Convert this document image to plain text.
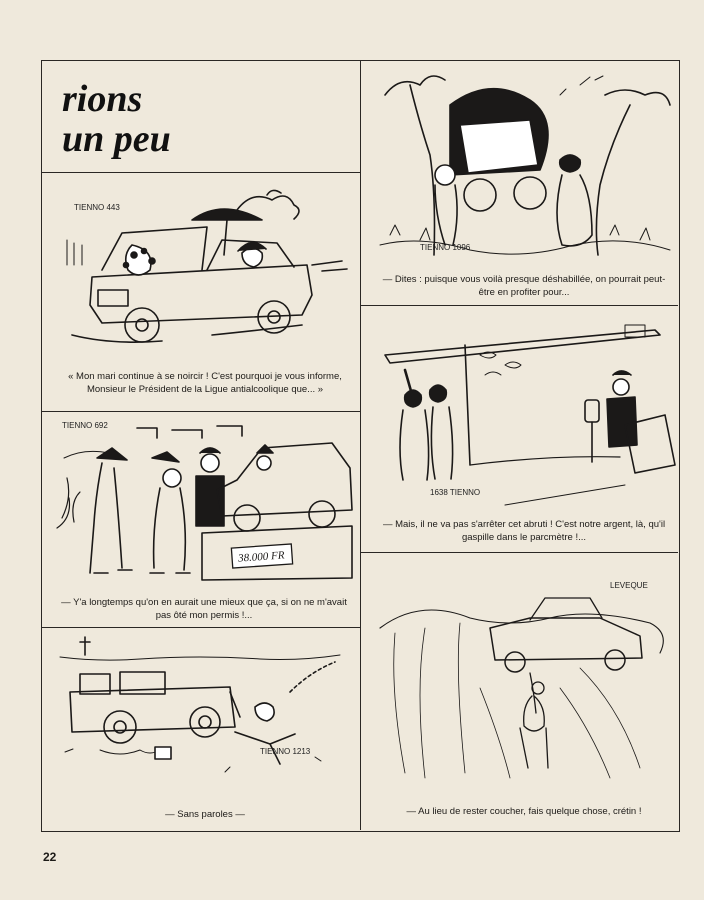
rions
un peu
TIENNO 443
« Mon mari continue à se noircir ! C'est pourquoi je vous informe, Monsieur le Président de la Ligue antialcoolique que... »
38.000 FR
TIENNO 692
— Y'a longtemps qu'on en aurait une mieux que ça, si on ne m'avait pas ôté mon permis !...
TIENNO 1213
— Sans paroles —
TIENNO 1096
— Dites : puisque vous voilà presque déshabillée, on pourrait peut-être en profiter pour...
1638 TIENNO
— Mais, il ne va pas s'arrêter cet abruti ! C'est notre argent, là, qu'il gaspille dans le parcmètre !...
LEVEQUE
— Au lieu de rester coucher, fais quelque chose, crétin !
22
